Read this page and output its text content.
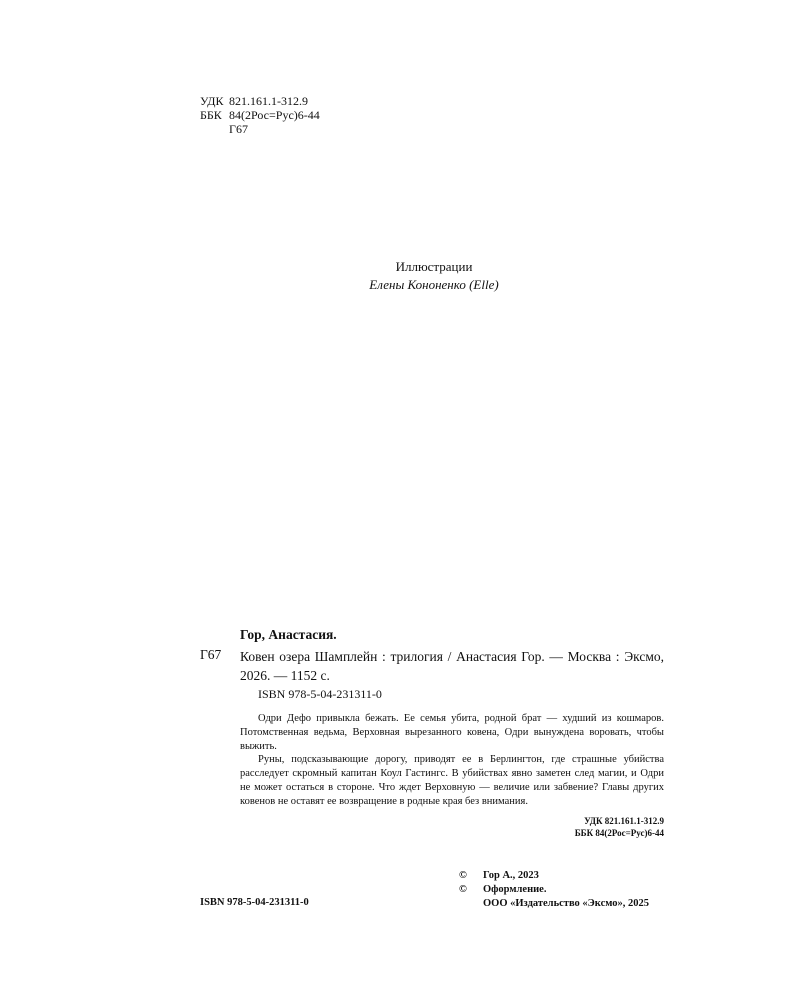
УДК 821.161.1-312.9
ББК 84(2Рос=Рус)6-44
Г67
Иллюстрации
Елены Кононенко (Elle)
Гор, Анастасия.
Г67 Ковен озера Шамплейн : трилогия / Анастасия Гор. — Москва : Эксмо, 2026. — 1152 с.
ISBN 978-5-04-231311-0

Одри Дефо привыкла бежать. Ее семья убита, родной брат — худший из кошмаров. Потомственная ведьма, Верховная вырезанного ковена, Одри вынуждена воровать, чтобы выжить.

Руны, подсказывающие дорогу, приводят ее в Берлингтон, где страшные убийства расследует скромный капитан Коул Гастингс. В убийствах явно заметен след магии, и Одри не может остаться в стороне. Что ждет Верховную — величие или забвение? Главы других ковенов не оставят ее возвращение в родные края без внимания.

УДК 821.161.1-312.9
ББК 84(2Рос=Рус)6-44
©	Гор А., 2023
©	Оформление.
ООО «Издательство «Эксмо», 2025
ISBN 978-5-04-231311-0
